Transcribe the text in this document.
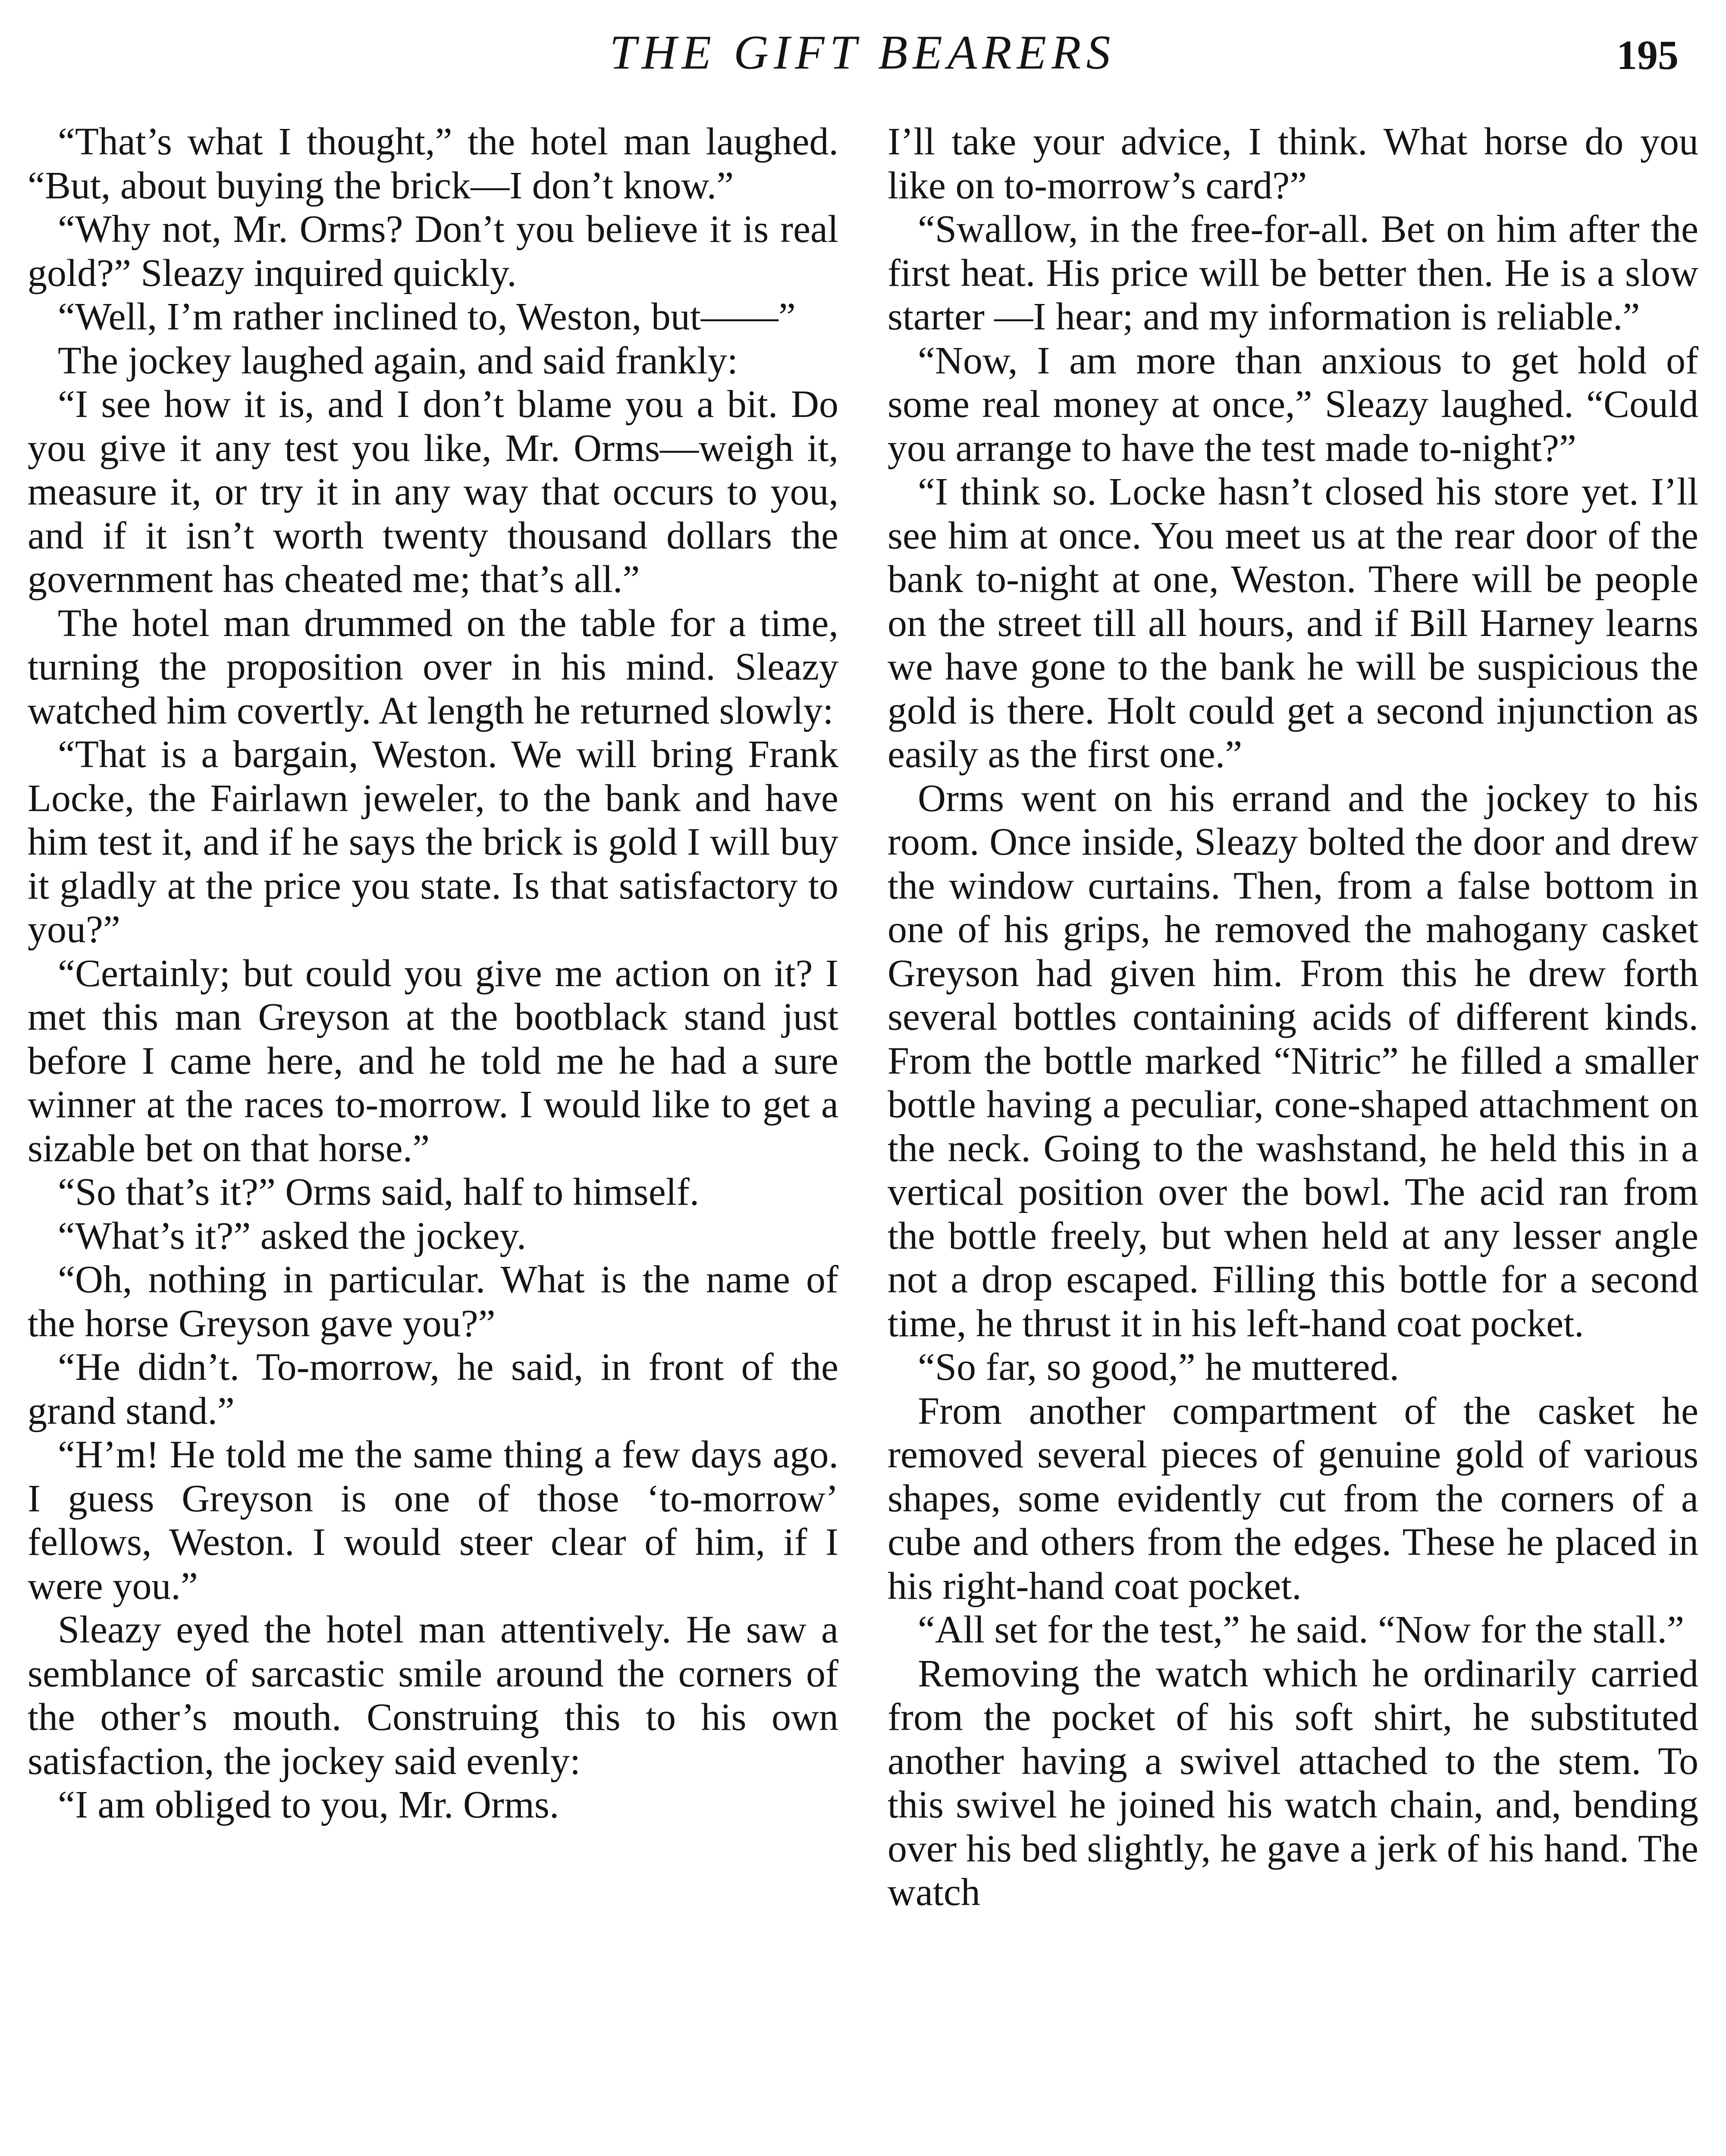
THE GIFT BEARERS	195

“That’s what I thought,” the hotel man laughed. “But, about buying the brick—I don’t know.”

“Why not, Mr. Orms? Don’t you believe it is real gold?” Sleazy inquired quickly.

“Well, I’m rather inclined to, Weston, but——”

The jockey laughed again, and said frankly:

“I see how it is, and I don’t blame you a bit. Do you give it any test you like, Mr. Orms—weigh it, measure it, or try it in any way that occurs to you, and if it isn’t worth twenty thousand dollars the government has cheated me; that’s all.”

The hotel man drummed on the table for a time, turning the proposition over in his mind. Sleazy watched him covertly. At length he returned slowly:

“That is a bargain, Weston. We will bring Frank Locke, the Fairlawn jeweler, to the bank and have him test it, and if he says the brick is gold I will buy it gladly at the price you state. Is that satisfactory to you?”

“Certainly; but could you give me action on it? I met this man Greyson at the bootblack stand just before I came here, and he told me he had a sure winner at the races to-morrow. I would like to get a sizable bet on that horse.”

“So that’s it?” Orms said, half to himself.

“What’s it?” asked the jockey.

“Oh, nothing in particular. What is the name of the horse Greyson gave you?”

“He didn’t. To-morrow, he said, in front of the grand stand.”

“H’m! He told me the same thing a few days ago. I guess Greyson is one of those ‘to-morrow’ fellows, Weston. I would steer clear of him, if I were you.”

Sleazy eyed the hotel man attentively. He saw a semblance of sarcastic smile around the corners of the other’s mouth. Construing this to his own satisfaction, the jockey said evenly:

“I am obliged to you, Mr. Orms.

I’ll take your advice, I think. What horse do you like on to-morrow’s card?”

“Swallow, in the free-for-all. Bet on him after the first heat. His price will be better then. He is a slow starter —I hear; and my information is reliable.”

“Now, I am more than anxious to get hold of some real money at once,” Sleazy laughed. “Could you arrange to have the test made to-night?”

“I think so. Locke hasn’t closed his store yet. I’ll see him at once. You meet us at the rear door of the bank to-night at one, Weston. There will be people on the street till all hours, and if Bill Harney learns we have gone to the bank he will be suspicious the gold is there. Holt could get a second injunction as easily as the first one.”

Orms went on his errand and the jockey to his room. Once inside, Sleazy bolted the door and drew the window curtains. Then, from a false bottom in one of his grips, he removed the mahogany casket Greyson had given him. From this he drew forth several bottles containing acids of different kinds. From the bottle marked “Nitric” he filled a smaller bottle having a peculiar, cone-shaped attachment on the neck. Going to the washstand, he held this in a vertical position over the bowl. The acid ran from the bottle freely, but when held at any lesser angle not a drop escaped. Filling this bottle for a second time, he thrust it in his left-hand coat pocket.

“So far, so good,” he muttered.

From another compartment of the casket he removed several pieces of genuine gold of various shapes, some evidently cut from the corners of a cube and others from the edges. These he placed in his right-hand coat pocket.

“All set for the test,” he said. “Now for the stall.”

Removing the watch which he ordinarily carried from the pocket of his soft shirt, he substituted another having a swivel attached to the stem. To this swivel he joined his watch chain, and, bending over his bed slightly, he gave a jerk of his hand. The watch
